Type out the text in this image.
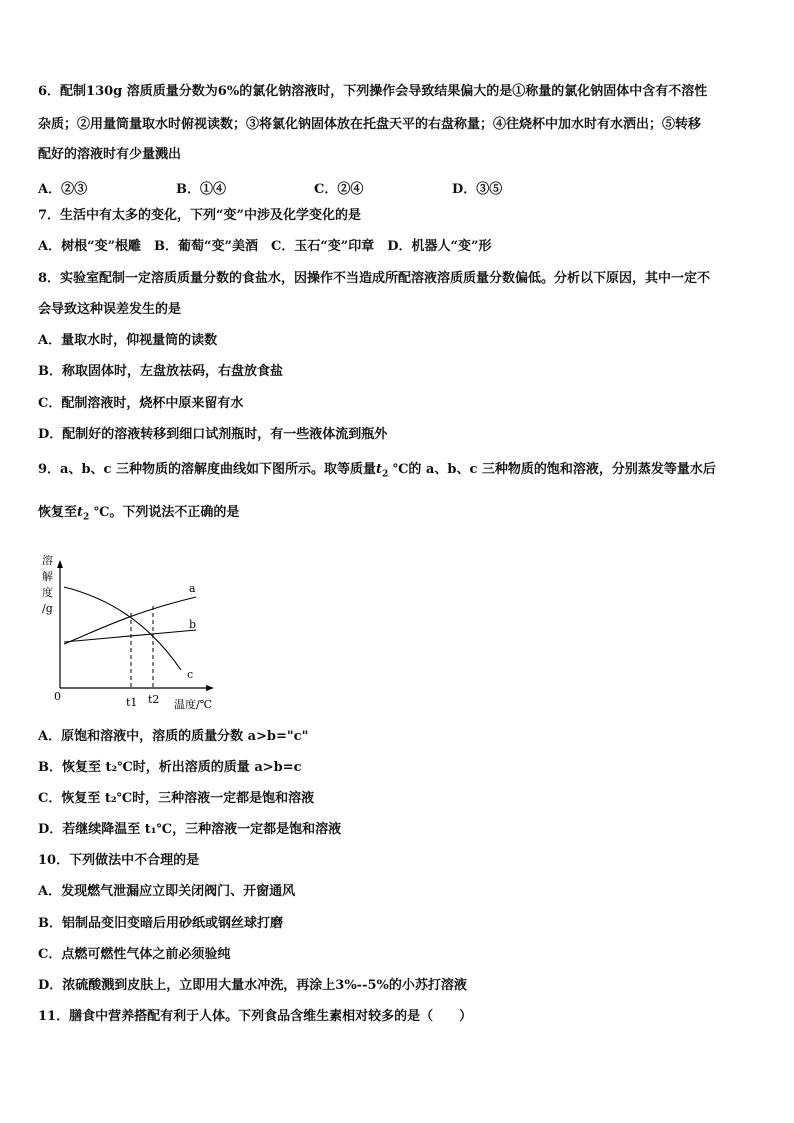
6．配制130g 溶质质量分数为6%的氯化钠溶液时，下列操作会导致结果偏大的是①称量的氯化钠固体中含有不溶性
杂质；②用量筒量取水时俯视读数；③将氯化钠固体放在托盘天平的右盘称量；④往烧杯中加水时有水洒出；⑤转移
配好的溶液时有少量溅出
A．②③	B．①④	C．②④	D．③⑤
7．生活中有太多的变化，下列“变”中涉及化学变化的是
A．树根“变”根雕　B．葡萄“变”美酒　C．玉石“变”印章　D．机器人“变”形
8．实验室配制一定溶质质量分数的食盐水，因操作不当造成所配溶液溶质质量分数偏低。分析以下原因，其中一定不
会导致这种误差发生的是
A．量取水时，仰视量筒的读数
B．称取固体时，左盘放祛码，右盘放食盐
C．配制溶液时，烧杯中原来留有水
D．配制好的溶液转移到细口试剂瓶时，有一些液体流到瓶外
9．a、b、c 三种物质的溶解度曲线如下图所示。取等质量$t_2$ ℃的 a、b、c 三种物质的饱和溶液，分别蒸发等量水后
恢复至$t_2$ ℃。下列说法不正确的是
溶
解
度
/g
0	t1 t2 温度/℃
a
b
c
A．原饱和溶液中，溶质的质量分数 a>b="c"
B．恢复至 t₂℃时，析出溶质的质量 a>b=c
C．恢复至 t₂℃时，三种溶液一定都是饱和溶液
D．若继续降温至 t₁℃，三种溶液一定都是饱和溶液
10．下列做法中不合理的是
A．发现燃气泄漏应立即关闭阀门、开窗通风
B．铝制品变旧变暗后用砂纸或钢丝球打磨
C．点燃可燃性气体之前必须验纯
D．浓硫酸溅到皮肤上，立即用大量水冲洗，再涂上3%--5%的小苏打溶液
11．膳食中营养搭配有利于人体。下列食品含维生素相对较多的是（　　）
